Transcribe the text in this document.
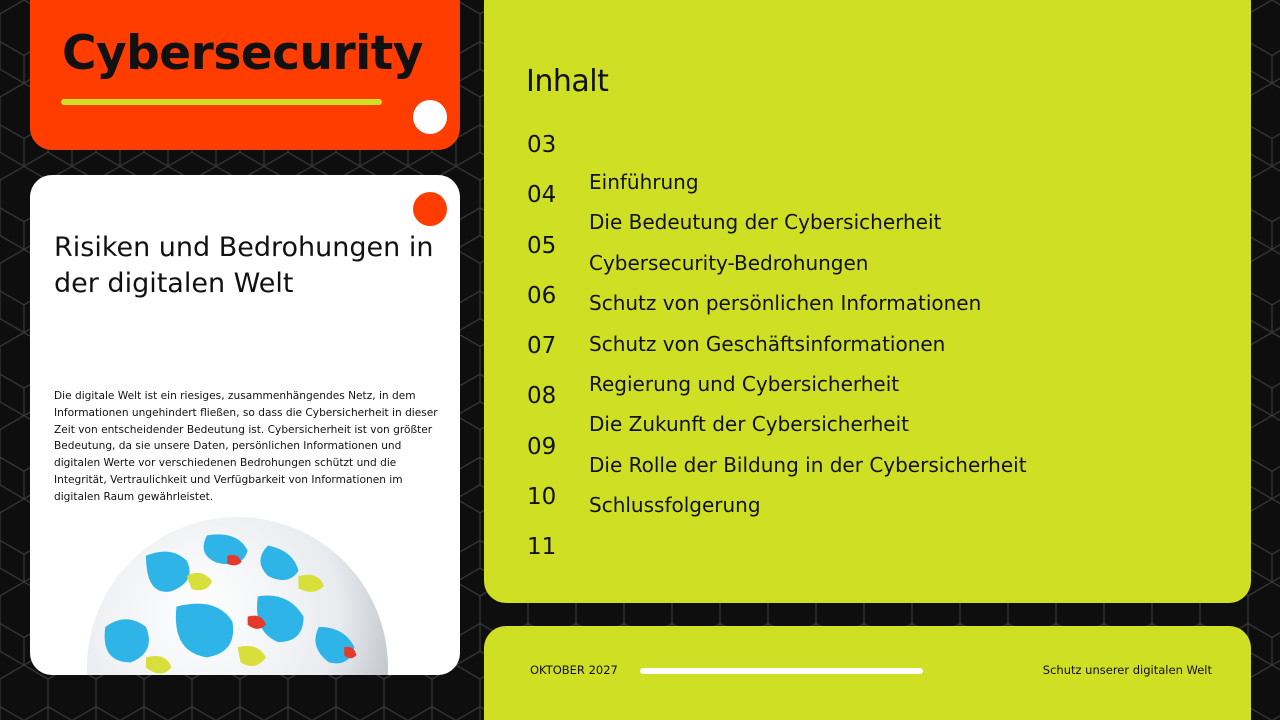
Cybersecurity
Risiken und Bedrohungen in der digitalen Welt

Die digitale Welt ist ein riesiges, zusammenhängendes Netz, in dem Informationen ungehindert fließen, so dass die Cybersicherheit in dieser Zeit von entscheidender Bedeutung ist. Cybersicherheit ist von größter Bedeutung, da sie unsere Daten, persönlichen Informationen und digitalen Werte vor verschiedenen Bedrohungen schützt und die Integrität, Vertraulichkeit und Verfügbarkeit von Informationen im digitalen Raum gewährleistet.

Inhalt
03
04
05
06
07
08
09
10
11
Einführung
Die Bedeutung der Cybersicherheit
Cybersecurity-Bedrohungen
Schutz von persönlichen Informationen
Schutz von Geschäftsinformationen
Regierung und Cybersicherheit
Die Zukunft der Cybersicherheit
Die Rolle der Bildung in der Cybersicherheit
Schlussfolgerung
OKTOBER 2027	Schutz unserer digitalen Welt
